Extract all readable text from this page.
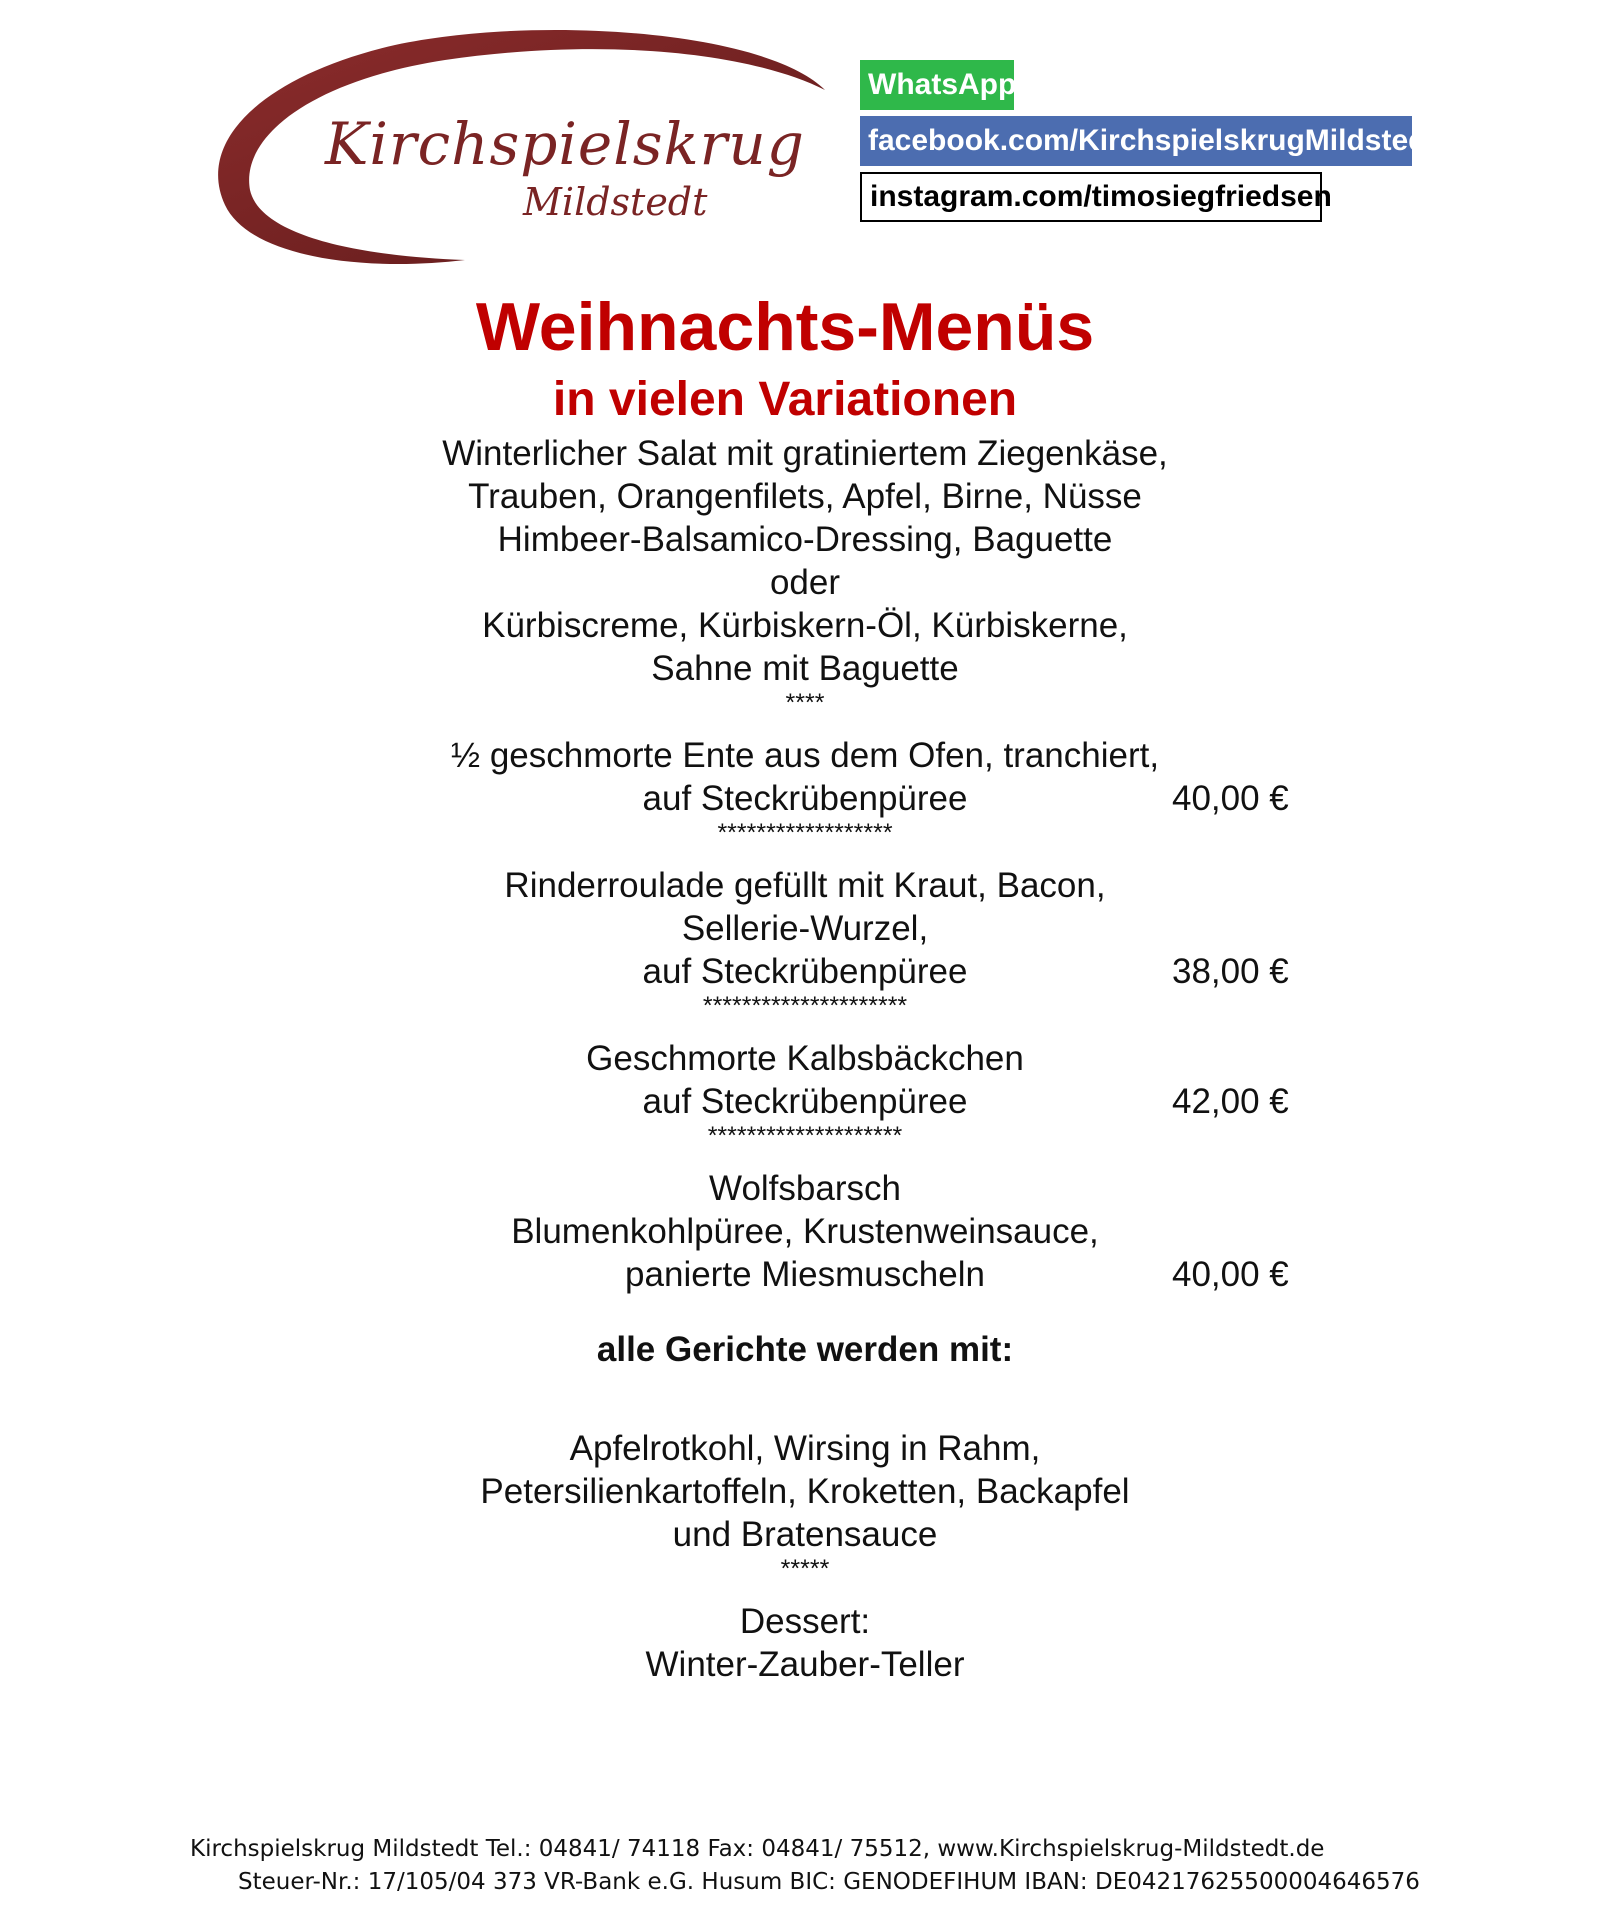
Kirchspielskrug
Mildstedt
WhatsApp
facebook.com/KirchspielskrugMildstedt
instagram.com/timosiegfriedsen
Weihnachts-Menüs
in vielen Variationen
Winterlicher Salat mit gratiniertem Ziegenkäse,
Trauben, Orangenfilets, Apfel, Birne, Nüsse
Himbeer-Balsamico-Dressing, Baguette
oder
Kürbiscreme, Kürbiskern-Öl, Kürbiskerne,
Sahne mit Baguette
****
½ geschmorte Ente aus dem Ofen, tranchiert,
auf Steckrübenpüree	40,00 €
******************
Rinderroulade gefüllt mit Kraut, Bacon,
Sellerie-Wurzel,
auf Steckrübenpüree	38,00 €
*********************
Geschmorte Kalbsbäckchen
auf Steckrübenpüree	42,00 €
********************
Wolfsbarsch
Blumenkohlpüree, Krustenweinsauce,
panierte Miesmuscheln	40,00 €
alle Gerichte werden mit:
Apfelrotkohl, Wirsing in Rahm,
Petersilienkartoffeln, Kroketten, Backapfel
und Bratensauce
*****
Dessert:
Winter-Zauber-Teller
Kirchspielskrug Mildstedt Tel.: 04841/ 74118 Fax: 04841/ 75512, www.Kirchspielskrug-Mildstedt.de
Steuer-Nr.: 17/105/04 373 VR-Bank e.G. Husum BIC: GENODEFIHUM IBAN: DE04217625500004646576
